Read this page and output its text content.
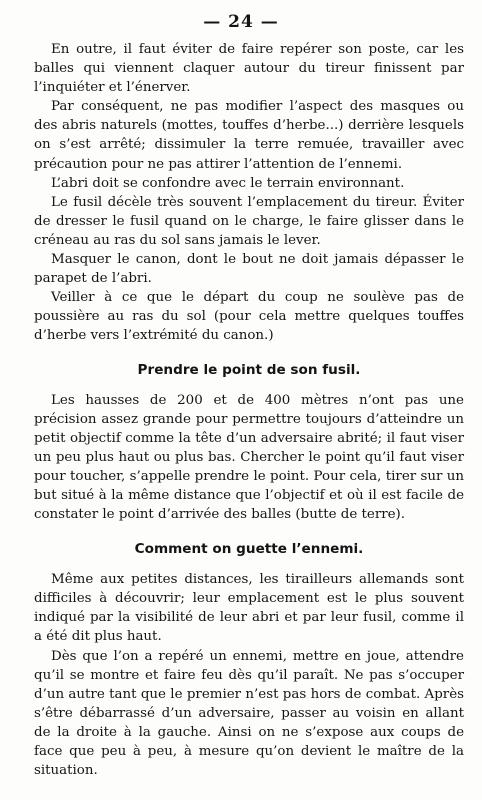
— 24 —

En outre, il faut éviter de faire repérer son poste, car les balles qui viennent claquer autour du tireur finissent par l’inquiéter et l’énerver.

Par conséquent, ne pas modifier l’aspect des masques ou des abris naturels (mottes, touffes d’herbe...) derrière lesquels on s’est arrêté; dissimuler la terre remuée, travailler avec précaution pour ne pas attirer l’attention de l’ennemi.

L’abri doit se confondre avec le terrain environnant.

Le fusil décèle très souvent l’emplacement du tireur. Éviter de dresser le fusil quand on le charge, le faire glisser dans le créneau au ras du sol sans jamais le lever.

Masquer le canon, dont le bout ne doit jamais dépasser le parapet de l’abri.

Veiller à ce que le départ du coup ne soulève pas de poussière au ras du sol (pour cela mettre quelques touffes d’herbe vers l’extrémité du canon.)

Prendre le point de son fusil.

Les hausses de 200 et de 400 mètres n’ont pas une précision assez grande pour permettre toujours d’atteindre un petit objectif comme la tête d’un adversaire abrité; il faut viser un peu plus haut ou plus bas. Chercher le point qu’il faut viser pour toucher, s’appelle prendre le point. Pour cela, tirer sur un but situé à la même distance que l’objectif et où il est facile de constater le point d’arrivée des balles (butte de terre).

Comment on guette l’ennemi.

Même aux petites distances, les tirailleurs allemands sont difficiles à découvrir; leur emplacement est le plus souvent indiqué par la visibilité de leur abri et par leur fusil, comme il a été dit plus haut.

Dès que l’on a repéré un ennemi, mettre en joue, attendre qu’il se montre et faire feu dès qu’il paraît. Ne pas s’occuper d’un autre tant que le premier n’est pas hors de combat. Après s’être débarrassé d’un adversaire, passer au voisin en allant de la droite à la gauche. Ainsi on ne s’expose aux coups de face que peu à peu, à mesure qu’on devient le maître de la situation.
